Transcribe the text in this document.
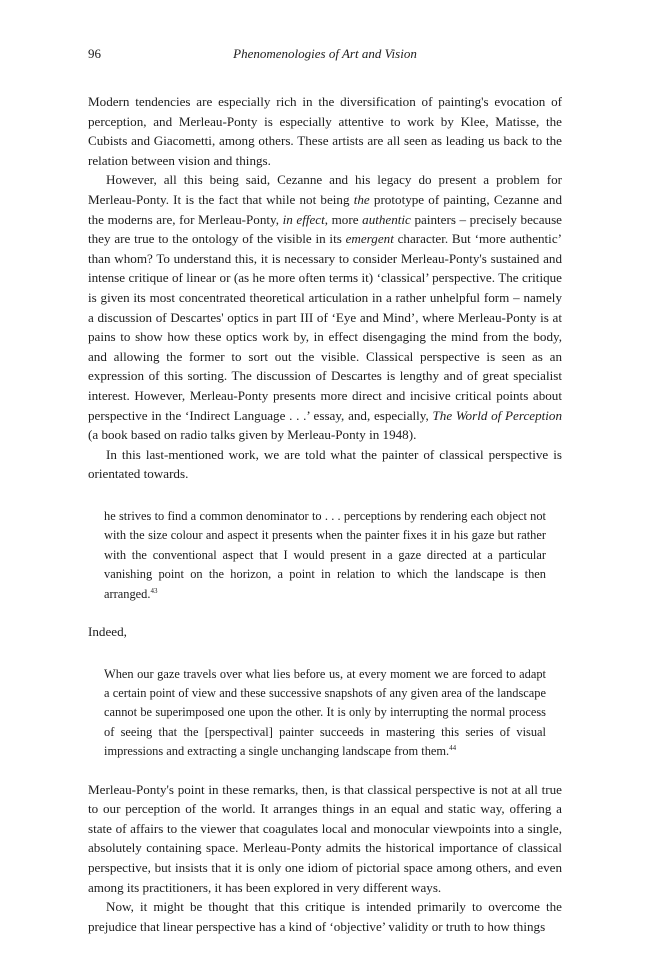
96	Phenomenologies of Art and Vision

Modern tendencies are especially rich in the diversification of painting's evocation of perception, and Merleau-Ponty is especially attentive to work by Klee, Matisse, the Cubists and Giacometti, among others. These artists are all seen as leading us back to the relation between vision and things.

However, all this being said, Cezanne and his legacy do present a problem for Merleau-Ponty. It is the fact that while not being the prototype of painting, Cezanne and the moderns are, for Merleau-Ponty, in effect, more authentic painters – precisely because they are true to the ontology of the visible in its emergent character. But ‘more authentic’ than whom? To understand this, it is necessary to consider Merleau-Ponty's sustained and intense critique of linear or (as he more often terms it) ‘classical’ perspective. The critique is given its most concentrated theoretical articulation in a rather unhelpful form – namely a discussion of Descartes' optics in part III of ‘Eye and Mind’, where Merleau-Ponty is at pains to show how these optics work by, in effect disengaging the mind from the body, and allowing the former to sort out the visible. Classical perspective is seen as an expression of this sorting. The discussion of Descartes is lengthy and of great specialist interest. However, Merleau-Ponty presents more direct and incisive critical points about perspective in the ‘Indirect Language . . .’ essay, and, especially, The World of Perception (a book based on radio talks given by Merleau-Ponty in 1948).

In this last-mentioned work, we are told what the painter of classical perspective is orientated towards.

he strives to find a common denominator to . . . perceptions by rendering each object not with the size colour and aspect it presents when the painter fixes it in his gaze but rather with the conventional aspect that I would present in a gaze directed at a particular vanishing point on the horizon, a point in relation to which the landscape is then arranged.$^{43}$

Indeed,

When our gaze travels over what lies before us, at every moment we are forced to adapt a certain point of view and these successive snapshots of any given area of the landscape cannot be superimposed one upon the other. It is only by interrupting the normal process of seeing that the [perspectival] painter succeeds in mastering this series of visual impressions and extracting a single unchanging landscape from them.$^{44}$

Merleau-Ponty's point in these remarks, then, is that classical perspective is not at all true to our perception of the world. It arranges things in an equal and static way, offering a state of affairs to the viewer that coagulates local and monocular viewpoints into a single, absolutely containing space. Merleau-Ponty admits the historical importance of classical perspective, but insists that it is only one idiom of pictorial space among others, and even among its practitioners, it has been explored in very different ways.

Now, it might be thought that this critique is intended primarily to overcome the prejudice that linear perspective has a kind of ‘objective’ validity or truth to how things
